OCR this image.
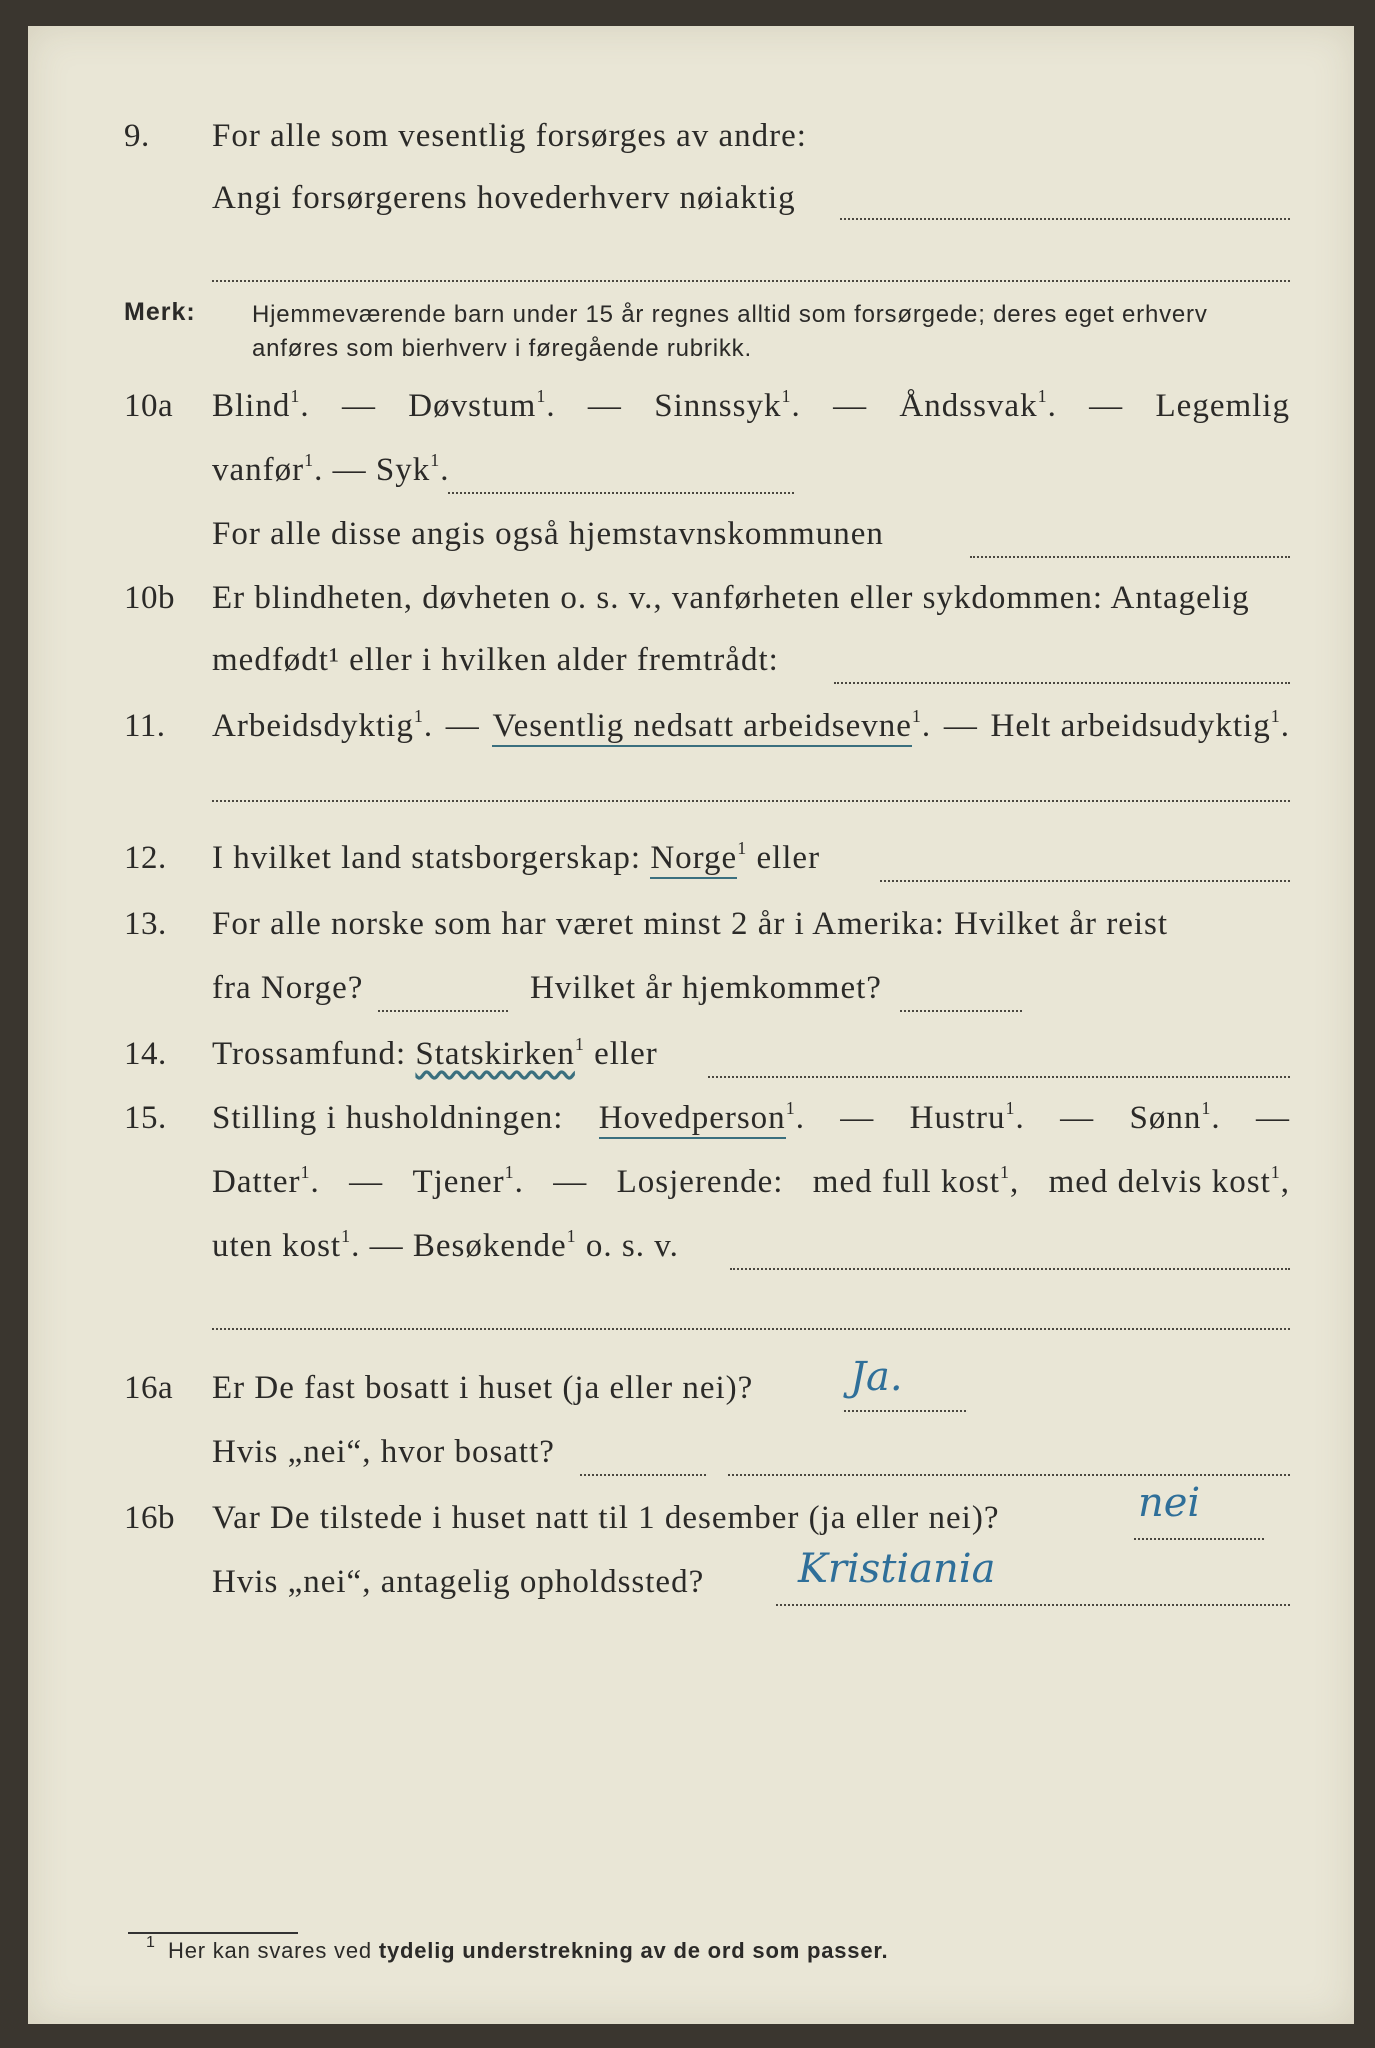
9. For alle som vesentlig forsørges av andre:
Angi forsørgerens hovederhverv nøiaktig
Merk: Hjemmeværende barn under 15 år regnes alltid som forsørgede; deres eget erhverv anføres som bierhverv i føregående rubrikk.
10a Blind$^1$. — Døvstum$^1$. — Sinnssyk$^1$. — Åndssvak$^1$. — Legemlig
vanfør$^1$. — Syk$^1$.
For alle disse angis også hjemstavnskommunen
10b Er blindheten, døvheten o. s. v., vanførheten eller sykdommen: Antagelig
medfødt¹ eller i hvilken alder fremtrådt:
11. Arbeidsdyktig$^1$. — Vesentlig nedsatt arbeidsevne$^1$. — Helt arbeidsudyktig$^1$.
12. I hvilket land statsborgerskap: Norge$^1$ eller
13. For alle norske som har været minst 2 år i Amerika: Hvilket år reist
fra Norge?	Hvilket år hjemkommet?
14. Trossamfund: Statskirken$^1$ eller
15. Stilling i husholdningen: Hovedperson$^1$. — Hustru$^1$. — Sønn$^1$. —
Datter$^1$. — Tjener$^1$. — Losjerende: med full kost$^1$, med delvis kost$^1$,
uten kost$^1$. — Besøkende$^1$ o. s. v.
16a Er De fast bosatt i huset (ja eller nei)? Ja.
Hvis „nei“, hvor bosatt?
16b Var De tilstede i huset natt til 1 desember (ja eller nei)?	nei
Hvis „nei“, antagelig opholdssted? Kristiania
1 Her kan svares ved tydelig understrekning av de ord som passer.
